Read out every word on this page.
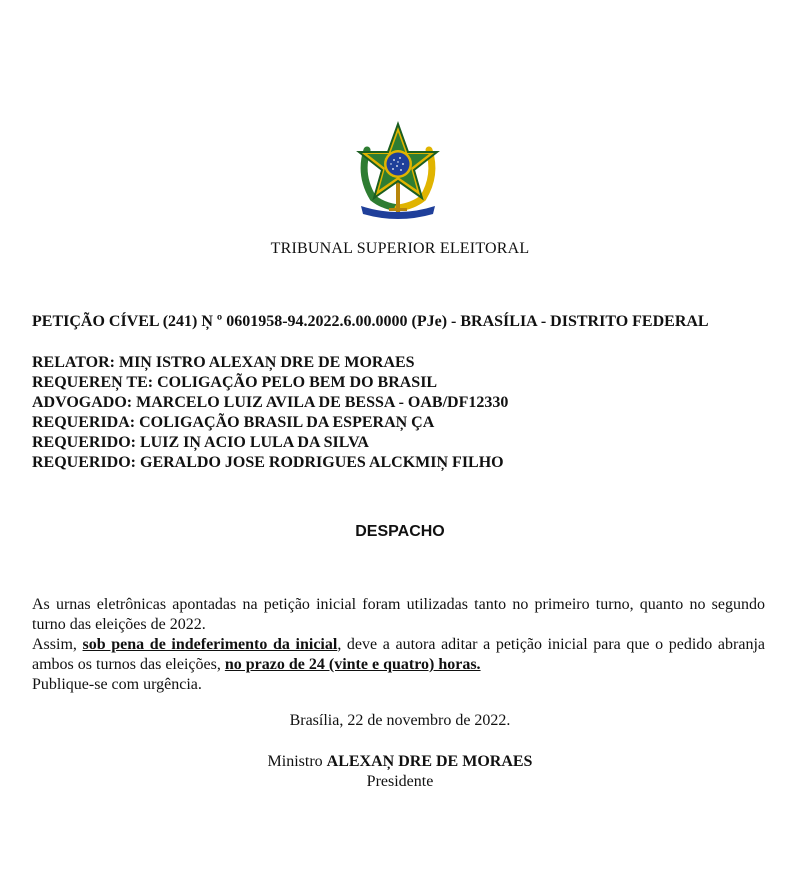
TRIBUNAL SUPERIOR ELEITORAL
PETIÇÃO CÍVEL (241) Ņ º 0601958-94.2022.6.00.0000 (PJe) - BRASÍLIA - DISTRITO FEDERAL
RELATOR: MIŅ ISTRO ALEXAŅ DRE DE MORAES
REQUEREŅ TE: COLIGAÇÃO PELO BEM DO BRASIL
ADVOGADO: MARCELO LUIZ AVILA DE BESSA - OAB/DF12330
REQUERIDA: COLIGAÇÃO BRASIL DA ESPERAŅ ÇA
REQUERIDO: LUIZ IŅ ACIO LULA DA SILVA
REQUERIDO: GERALDO JOSE RODRIGUES ALCKMIŅ FILHO
DESPACHO
As urnas eletrônicas apontadas na petição inicial foram utilizadas tanto no primeiro turno, quanto no segundo turno das eleições de 2022.
Assim, sob pena de indeferimento da inicial, deve a autora aditar a petição inicial para que o pedido abranja ambos os turnos das eleições, no prazo de 24 (vinte e quatro) horas.
Publique-se com urgência.
Brasília, 22 de novembro de 2022.
Ministro ALEXAŅ DRE DE MORAES
Presidente
